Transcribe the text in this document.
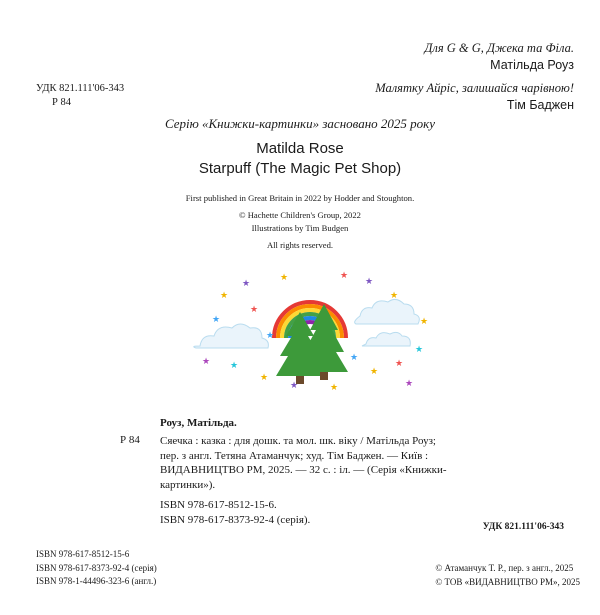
Для G & G, Джека та Філа.
Матільда Роуз
Малятку Айріс, залишайся чарівною!
Тім Баджен
УДК 821.111'06-343
Р 84
Серію «Книжки-картинки» засновано 2025 року
Matilda Rose
Starpuff (The Magic Pet Shop)
First published in Great Britain in 2022 by Hodder and Stoughton.
© Hachette Children's Group, 2022
Illustrations by Tim Budgen
All rights reserved.
★
★
★
★
★
★
★
★	★
★
★
★
★
★
★
★
★	★
★
★
Роуз, Матільда.
Р 84 Сяечка : казка : для дошк. та мол. шк. віку / Матільда Роуз;
пер. з англ. Тетяна Атаманчук; худ. Тім Баджен. — Київ :
ВИДАВНИЦТВО РМ, 2025. — 32 с. : іл. — (Серія «Книжки-
картинки»).
ISBN 978-617-8512-15-6.
ISBN 978-617-8373-92-4 (серія).
УДК 821.111'06-343
ISBN 978-617-8512-15-6
ISBN 978-617-8373-92-4 (серія)
ISBN 978-1-44496-323-6 (англ.)
© Атаманчук Т. Р., пер. з англ., 2025
© ТОВ «ВИДАВНИЦТВО РМ», 2025
